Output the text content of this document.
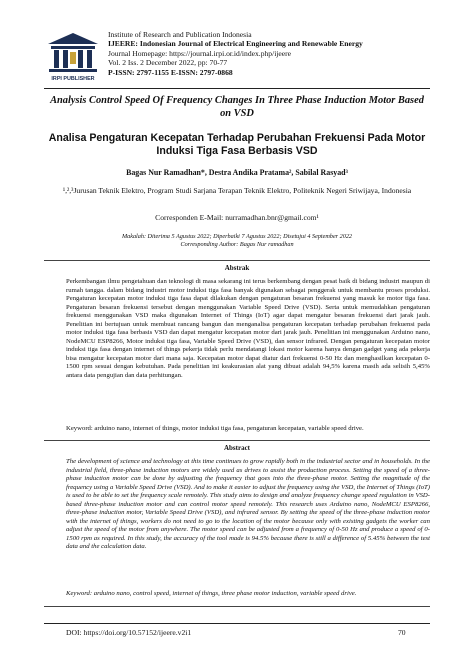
IRPI PUBLISHER
Institute of Research and Publication Indonesia
IJEERE: Indonesian Journal of Electrical Engineering and Renewable Energy
Journal Homepage: https://journal.irpi.or.id/index.php/ijeere
Vol. 2 Iss. 2 December 2022, pp: 70-77
P-ISSN: 2797-1155 E-ISSN: 2797-0868
Analysis Control Speed Of Frequency Changes In Three Phase Induction Motor Based on VSD
Analisa Pengaturan Kecepatan Terhadap Perubahan Frekuensi Pada Motor Induksi Tiga Fasa Berbasis VSD
Bagas Nur Ramadhan*, Destra Andika Pratama², Sabilal Rasyad³
¹,²,³Jurusan Teknik Elektro, Program Studi Sarjana Terapan Teknik Elektro, Politeknik Negeri Sriwijaya, Indonesia
Corresponden E-Mail: nurramadhan.bnr@gmail.com¹
Makalah: Diterima 5 Agustus 2022; Diperbaiki 7 Agustus 2022; Disetujui 4 September 2022
Corresponding Author: Bagas Nur ramadhan
Abstrak
Perkembangan ilmu pengetahuan dan teknologi di masa sekarang ini terus berkembang dengan pesat baik di bidang industri maupun di rumah tangga. dalam bidang industri motor induksi tiga fasa banyak digunakan sebagai penggerak untuk membantu proses produksi. Pengaturan kecepatan motor induksi tiga fasa dapat dilakukan dengan pengaturan besaran frekuensi yang masuk ke motor tiga fasa. Pengaturan besaran frekuensi tersebut dengan menggunakan Variable Speed Drive (VSD). Serta untuk memudahkan pengaturan frekuensi menggunakan VSD maka digunakan Internet of Things (IoT) agar dapat mengatur besaran frekuensi dari jarak jauh. Penelitian ini bertujuan untuk membuat rancang bangun dan menganalisa pengaturan kecepatan terhadap perubahan frekuensi pada motor induksi tiga fasa berbasis VSD dan dapat mengatur kecepatan motor dari jarak jauh. Penelitian ini menggunakan Arduino nano, NodeMCU ESP8266, Motor induksi tiga fasa, Variable Speed Drive (VSD), dan sensor infrared. Dengan pengaturan kecepatan motor induksi tiga fasa dengan internet of things pekerja tidak perlu mendatangi lokasi motor karena hanya dengan gadget yang ada pekerja bisa mengatur kecepatan motor dari mana saja. Kecepatan motor dapat diatur dari frekuensi 0-50 Hz dan menghasilkan kecepatan 0-1500 rpm sesuai dengan kebutuhan. Pada penelitian ini keakurasian alat yang dibuat adalah 94,5% karena masih ada selisih 5,45% antara data pengujian dan data perhitungan.
Keyword: arduino nano, internet of things, motor induksi tiga fasa, pengaturan kecepatan, variable speed drive.
Abstract
The development of science and technology at this time continues to grow rapidly both in the industrial sector and in households. In the industrial field, three-phase induction motors are widely used as drives to assist the production process. Setting the speed of a three-phase induction motor can be done by adjusting the frequency that goes into the three-phase motor. Setting the magnitude of the frequency using a Variable Speed Drive (VSD). And to make it easier to adjust the frequency using the VSD, the Internet of Things (IoT) is used to be able to set the frequency scale remotely. This study aims to design and analyze frequency change speed regulation in VSD-based three-phase induction motor and can control motor speed remotely. This research uses Arduino nano, NodeMCU ESP8266, three-phase induction motor, Variable Speed Drive (VSD), and infrared sensor. By setting the speed of the three-phase induction motor with the internet of things, workers do not need to go to the location of the motor because only with existing gadgets the worker can adjust the speed of the motor from anywhere. The motor speed can be adjusted from a frequency of 0-50 Hz and produce a speed of 0-1500 rpm as required. In this study, the accuracy of the tool made is 94.5% because there is still a difference of 5.45% between the test data and the calculation data.
Keyword: arduino nano, control speed, internet of things, three phase motor induction, variable speed drive.
DOI: https://doi.org/10.57152/ijeere.v2i1	70
